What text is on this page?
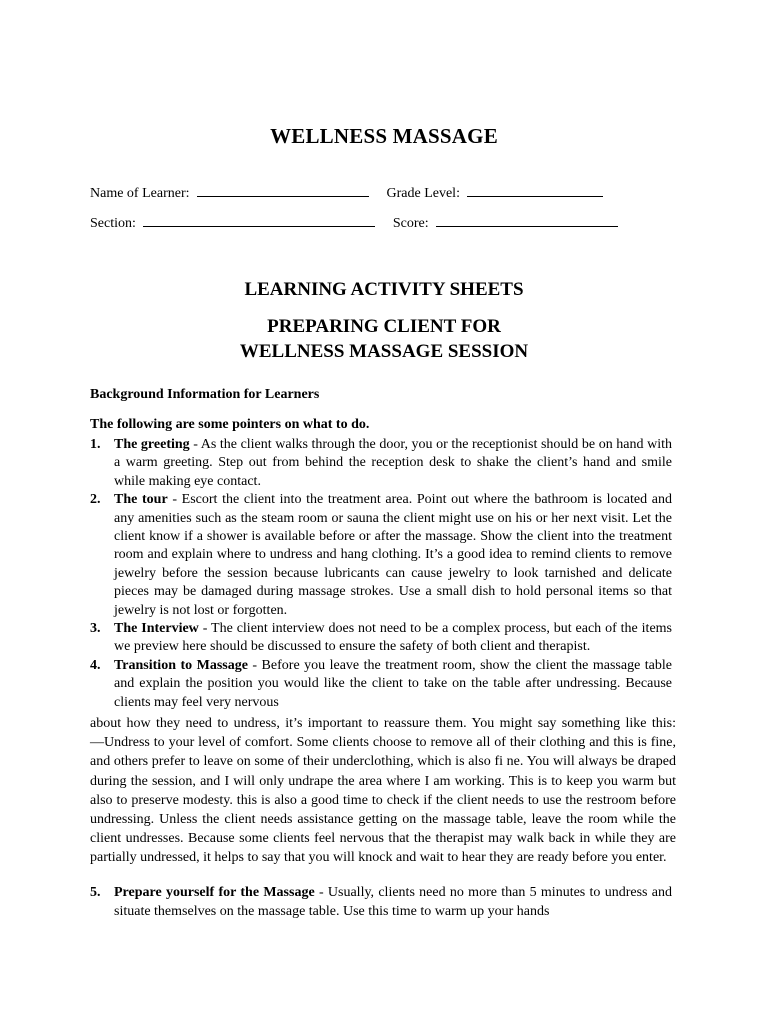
WELLNESS MASSAGE
Name of Learner:	Grade Level:
Section:	Score:
LEARNING ACTIVITY SHEETS
PREPARING CLIENT FOR
WELLNESS MASSAGE SESSION
Background Information for Learners
The following are some pointers on what to do.
1. The greeting - As the client walks through the door, you or the receptionist should be on hand with a warm greeting. Step out from behind the reception desk to shake the client’s hand and smile while making eye contact.
2. The tour - Escort the client into the treatment area. Point out where the bathroom is located and any amenities such as the steam room or sauna the client might use on his or her next visit. Let the client know if a shower is available before or after the massage. Show the client into the treatment room and explain where to undress and hang clothing. It’s a good idea to remind clients to remove jewelry before the session because lubricants can cause jewelry to look tarnished and delicate pieces may be damaged during massage strokes. Use a small dish to hold personal items so that jewelry is not lost or forgotten.
3. The Interview - The client interview does not need to be a complex process, but each of the items we preview here should be discussed to ensure the safety of both client and therapist.
4. Transition to Massage - Before you leave the treatment room, show the client the massage table and explain the position you would like the client to take on the table after undressing. Because clients may feel very nervous
about how they need to undress, it’s important to reassure them. You might say something like this: ―Undress to your level of comfort. Some clients choose to remove all of their clothing and this is fine, and others prefer to leave on some of their underclothing, which is also fi ne. You will always be draped during the session, and I will only undrape the area where I am working. This is to keep you warm but also to preserve modesty. this is also a good time to check if the client needs to use the restroom before undressing. Unless the client needs assistance getting on the massage table, leave the room while the client undresses. Because some clients feel nervous that the therapist may walk back in while they are partially undressed, it helps to say that you will knock and wait to hear they are ready before you enter.
5. Prepare yourself for the Massage - Usually, clients need no more than 5 minutes to undress and situate themselves on the massage table. Use this time to warm up your hands
